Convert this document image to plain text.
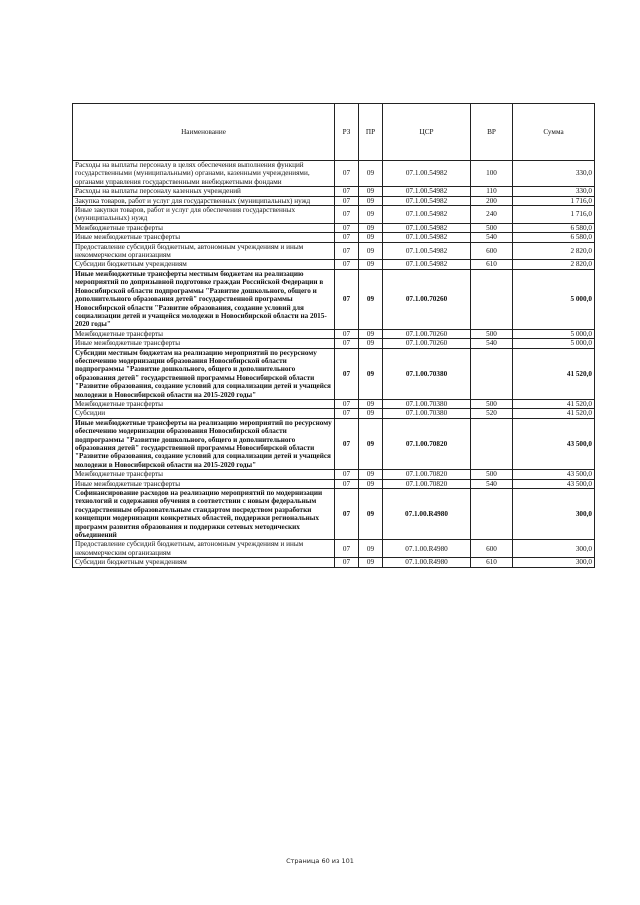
Наименование	РЗ	ПР	ЦСР	ВР	Сумма
Расходы на выплаты персоналу в целях обеспечения выполнения функций государственными (муниципальными) органами, казенными учреждениями, органами управления государственными внебюджетными фондами	07	09	07.1.00.54982	100	330,0
Расходы на выплаты персоналу казенных учреждений	07	09	07.1.00.54982	110	330,0
Закупка товаров, работ и услуг для государственных (муниципальных) нужд	07	09	07.1.00.54982	200	1 716,0
Иные закупки товаров, работ и услуг для обеспечения государственных (муниципальных) нужд	07	09	07.1.00.54982	240	1 716,0
Межбюджетные трансферты	07	09	07.1.00.54982	500	6 580,0
Иные межбюджетные трансферты	07	09	07.1.00.54982	540	6 580,0
Предоставление субсидий бюджетным, автономным учреждениям и иным некоммерческим организациям	07	09	07.1.00.54982	600	2 820,0
Субсидии бюджетным учреждениям	07	09	07.1.00.54982	610	2 820,0
Иные межбюджетные трансферты местным бюджетам на реализацию мероприятий по допризывной подготовке граждан Российской Федерации в Новосибирской области подпрограммы "Развитие дошкольного, общего и дополнительного образования детей" государственной программы Новосибирской области "Развитие образования, создание условий для социализации детей и учащейся молодежи в Новосибирской области на 2015-2020 годы"	07	09	07.1.00.70260		5 000,0
Межбюджетные трансферты	07	09	07.1.00.70260	500	5 000,0
Иные межбюджетные трансферты	07	09	07.1.00.70260	540	5 000,0
Субсидии местным бюджетам на реализацию мероприятий по ресурсному обеспечению модернизации образования Новосибирской области подпрограммы "Развитие дошкольного, общего и дополнительного образования детей" государственной программы Новосибирской области "Развитие образования, создание условий для социализации детей и учащейся молодежи в Новосибирской области на 2015-2020 годы"	07	09	07.1.00.70380		41 520,0
Межбюджетные трансферты	07	09	07.1.00.70380	500	41 520,0
Субсидии	07	09	07.1.00.70380	520	41 520,0
Иные межбюджетные трансферты на реализацию мероприятий по ресурсному обеспечению модернизации образования Новосибирской области подпрограммы "Развитие дошкольного, общего и дополнительного образования детей" государственной программы Новосибирской области "Развитие образования, создание условий для социализации детей и учащейся молодежи в Новосибирской области на 2015-2020 годы"	07	09	07.1.00.70820		43 500,0
Межбюджетные трансферты	07	09	07.1.00.70820	500	43 500,0
Иные межбюджетные трансферты	07	09	07.1.00.70820	540	43 500,0
Софинансирование расходов на реализацию мероприятий по модернизации технологий и содержания обучения в соответствии с новым федеральным государственным образовательным стандартом посредством разработки концепции модернизации конкретных областей, поддержки региональных программ развития образования и поддержки сетевых методических объединений	07	09	07.1.00.R4980		300,0
Предоставление субсидий бюджетным, автономным учреждениям и иным некоммерческим организациям	07	09	07.1.00.R4980	600	300,0
Субсидии бюджетным учреждениям	07	09	07.1.00.R4980	610	300,0
Страница 60 из 101
